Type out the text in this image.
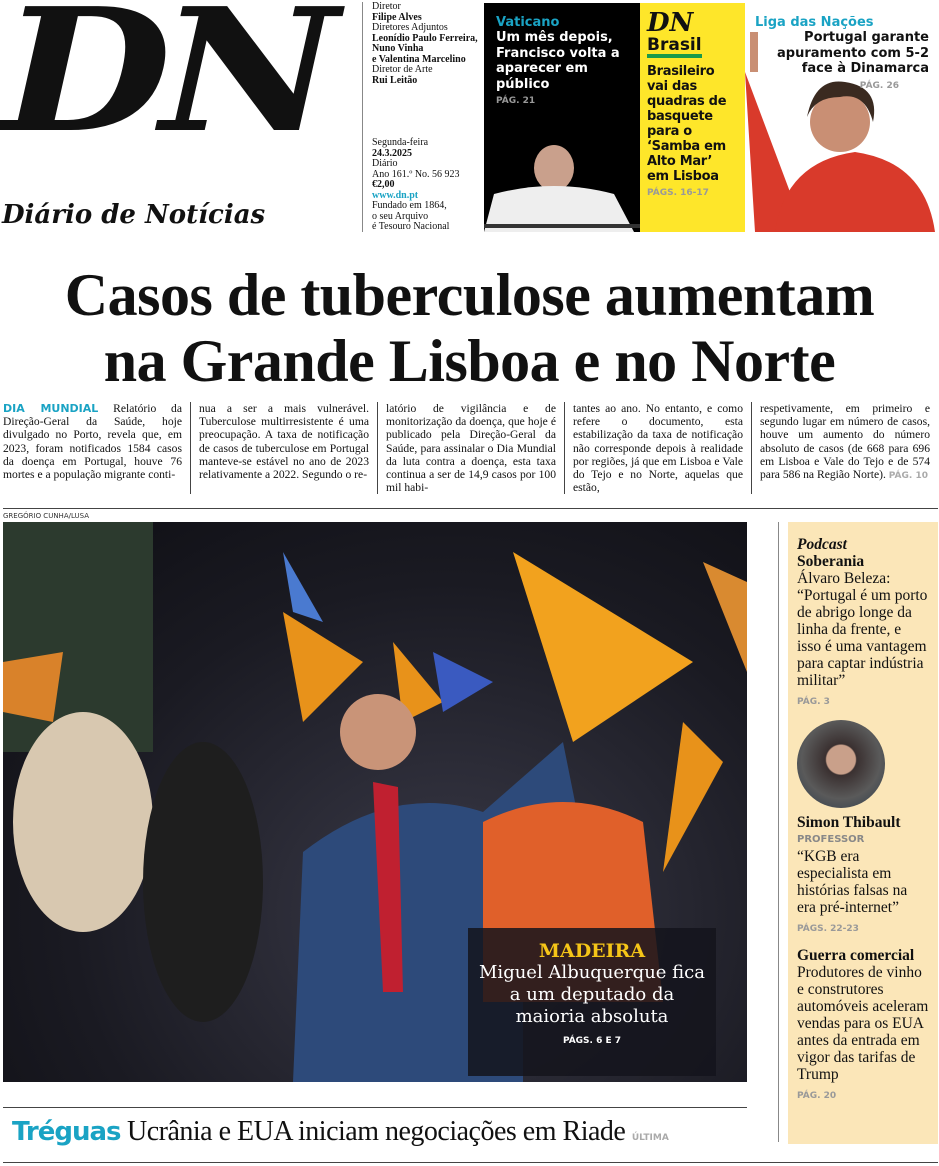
DN
Diário de Notícias
Diretor
Filipe Alves
Diretores Adjuntos
Leonídio Paulo Ferreira,
Nuno Vinha
e Valentina Marcelino
Diretor de Arte
Rui Leitão
Segunda-feira
24.3.2025
Diário
Ano 161.º No. 56 923
€2,00
www.dn.pt
Fundado em 1864,
o seu Arquivo
é Tesouro Nacional
Vaticano
Um mês depois, Francisco volta a aparecer em público
PÁG. 21
DN
Brasil
Brasileiro vai das quadras de basquete para o ‘Samba em Alto Mar’ em Lisboa
PÁGS. 16-17
Liga das Nações
Portugal garante apuramento com 5-2 face à Dinamarca
PÁG. 26
Casos de tuberculose aumentam
na Grande Lisboa e no Norte
DIA MUNDIAL Relatório da Direção-Geral da Saúde, hoje divulgado no Porto, revela que, em 2023, foram notificados 1584 casos da doença em Portugal, houve 76 mortes e a população migrante conti-
nua a ser a mais vulnerável. Tuberculose multirresistente é uma preocupação. A taxa de notificação de casos de tuberculose em Portugal manteve-se estável no ano de 2023 relativamente a 2022. Segundo o re-
latório de vigilância e de monitorização da doença, que hoje é publicado pela Direção-Geral da Saúde, para assinalar o Dia Mundial da luta contra a doença, esta taxa continua a ser de 14,9 casos por 100 mil habi-
tantes ao ano. No entanto, e como refere o documento, esta estabilização da taxa de notificação não corresponde depois à realidade por regiões, já que em Lisboa e Vale do Tejo e no Norte, aquelas que estão,
respetivamente, em primeiro e segundo lugar em número de casos, houve um aumento do número absoluto de casos (de 668 para 696 em Lisboa e Vale do Tejo e de 574 para 586 na Região Norte). PÁG. 10
GREGÓRIO CUNHA/LUSA
MADEIRA
Miguel Albuquerque fica a um deputado da maioria absoluta
PÁGS. 6 E 7
Podcast
Soberania
Álvaro Beleza: “Portugal é um porto de abrigo longe da linha da frente, e isso é uma vantagem para captar indústria militar”
PÁG. 3
Simon Thibault
PROFESSOR
“KGB era especialista em histórias falsas na era pré-internet”
PÁGS. 22-23
Guerra comercial
Produtores de vinho e construtores automóveis aceleram vendas para os EUA antes da entrada em vigor das tarifas de Trump
PÁG. 20
Tréguas Ucrânia e EUA iniciam negociações em Riade ÚLTIMA
